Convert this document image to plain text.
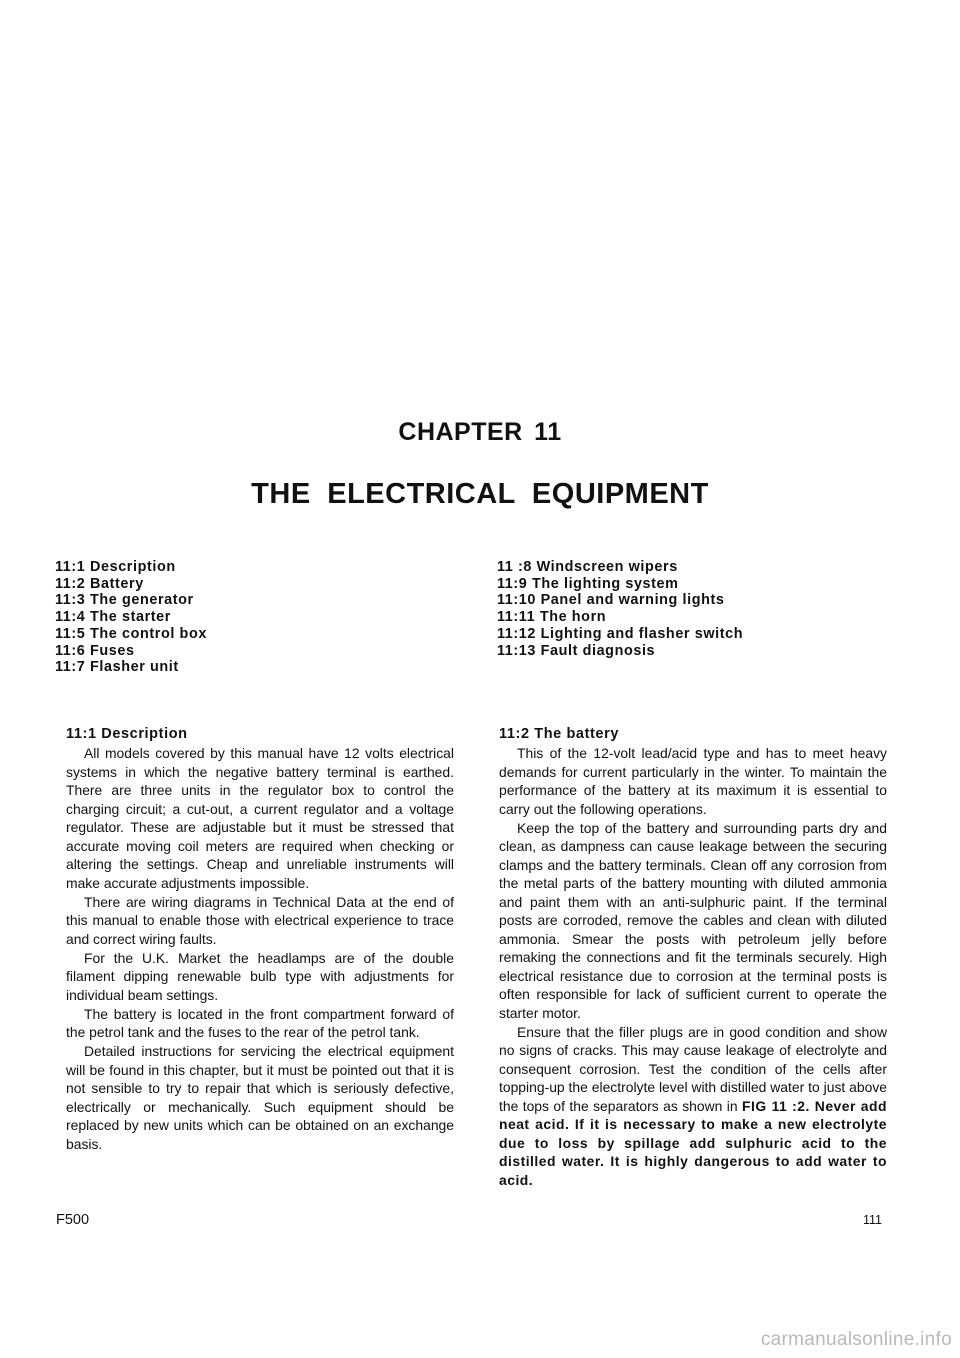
CHAPTER 11
THE ELECTRICAL EQUIPMENT
11:1 Description
11:2 Battery
11:3 The generator
11:4 The starter
11:5 The control box
11:6 Fuses
11:7 Flasher unit
11 :8 Windscreen wipers
11:9 The lighting system
11:10 Panel and warning lights
11:11 The horn
11:12 Lighting and flasher switch
11:13 Fault diagnosis
11:1 Description

All models covered by this manual have 12 volts electrical systems in which the negative battery terminal is earthed. There are three units in the regulator box to control the charging circuit; a cut-out, a current regulator and a voltage regulator. These are adjustable but it must be stressed that accurate moving coil meters are required when checking or altering the settings. Cheap and unreliable instruments will make accurate adjustments impossible.

There are wiring diagrams in Technical Data at the end of this manual to enable those with electrical experience to trace and correct wiring faults.

For the U.K. Market the headlamps are of the double filament dipping renewable bulb type with adjustments for individual beam settings.

The battery is located in the front compartment forward of the petrol tank and the fuses to the rear of the petrol tank.

Detailed instructions for servicing the electrical equipment will be found in this chapter, but it must be pointed out that it is not sensible to try to repair that which is seriously defective, electrically or mechanically. Such equipment should be replaced by new units which can be obtained on an exchange basis.

11:2 The battery

This of the 12-volt lead/acid type and has to meet heavy demands for current particularly in the winter. To maintain the performance of the battery at its maximum it is essential to carry out the following operations.

Keep the top of the battery and surrounding parts dry and clean, as dampness can cause leakage between the securing clamps and the battery terminals. Clean off any corrosion from the metal parts of the battery mounting with diluted ammonia and paint them with an anti-sulphuric paint. If the terminal posts are corroded, remove the cables and clean with diluted ammonia. Smear the posts with petroleum jelly before remaking the connections and fit the terminals securely. High electrical resistance due to corrosion at the terminal posts is often responsible for lack of sufficient current to operate the starter motor.

Ensure that the filler plugs are in good condition and show no signs of cracks. This may cause leakage of electrolyte and consequent corrosion. Test the condition of the cells after topping-up the electrolyte level with distilled water to just above the tops of the separators as shown in FIG 11 :2. Never add neat acid. If it is necessary to make a new electrolyte due to loss by spillage add sulphuric acid to the distilled water. It is highly dangerous to add water to acid.

F500	111
carmanualsonline.info
